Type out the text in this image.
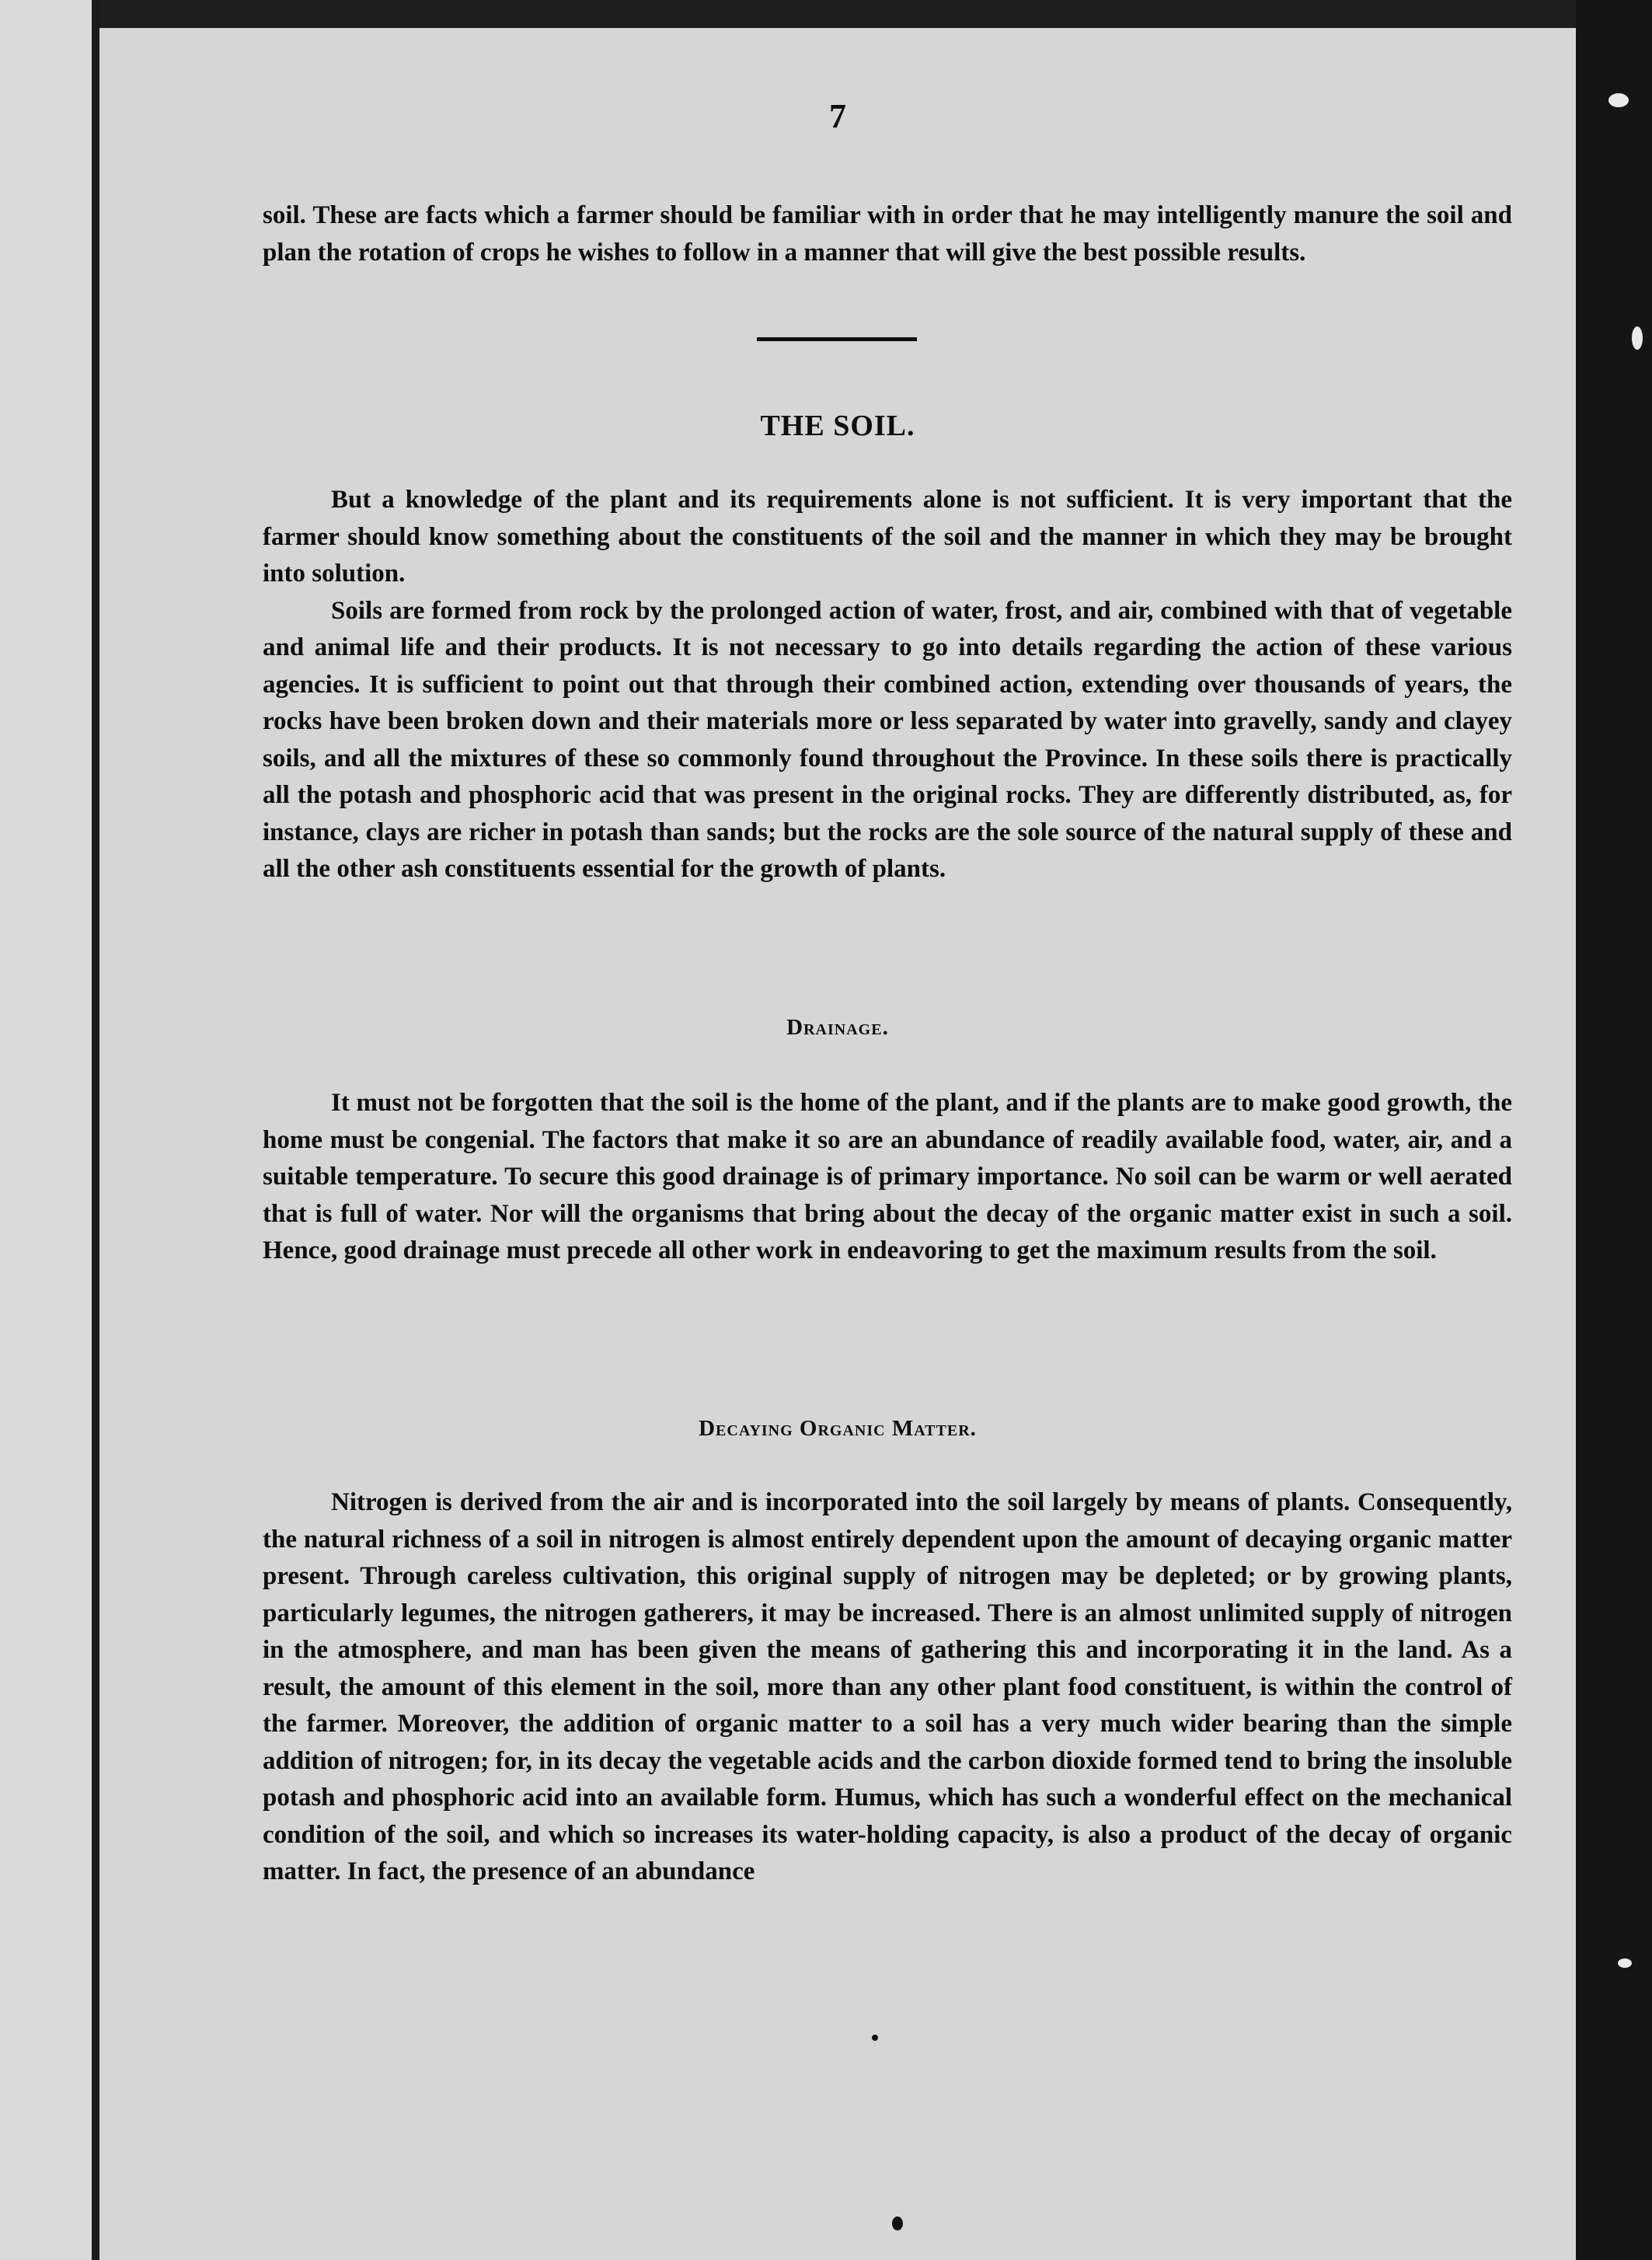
7

soil. These are facts which a farmer should be familiar with in order that he may intelligently manure the soil and plan the rotation of crops he wishes to follow in a manner that will give the best possible results.

THE SOIL.

But a knowledge of the plant and its requirements alone is not sufficient. It is very important that the farmer should know something about the constituents of the soil and the manner in which they may be brought into solution.

Soils are formed from rock by the prolonged action of water, frost, and air, combined with that of vegetable and animal life and their products. It is not necessary to go into details regarding the action of these various agencies. It is sufficient to point out that through their combined action, extending over thousands of years, the rocks have been broken down and their materials more or less separated by water into gravelly, sandy and clayey soils, and all the mixtures of these so commonly found throughout the Province. In these soils there is practically all the potash and phosphoric acid that was present in the original rocks. They are differently distributed, as, for instance, clays are richer in potash than sands; but the rocks are the sole source of the natural supply of these and all the other ash constituents essential for the growth of plants.

Drainage.

It must not be forgotten that the soil is the home of the plant, and if the plants are to make good growth, the home must be congenial. The factors that make it so are an abundance of readily available food, water, air, and a suitable temperature. To secure this good drainage is of primary importance. No soil can be warm or well aerated that is full of water. Nor will the organisms that bring about the decay of the organic matter exist in such a soil. Hence, good drainage must precede all other work in endeavoring to get the maximum results from the soil.

Decaying Organic Matter.

Nitrogen is derived from the air and is incorporated into the soil largely by means of plants. Consequently, the natural richness of a soil in nitrogen is almost entirely dependent upon the amount of decaying organic matter present. Through careless cultivation, this original supply of nitrogen may be depleted; or by growing plants, particularly legumes, the nitrogen gatherers, it may be increased. There is an almost unlimited supply of nitrogen in the atmosphere, and man has been given the means of gathering this and incorporating it in the land. As a result, the amount of this element in the soil, more than any other plant food constituent, is within the control of the farmer. Moreover, the addition of organic matter to a soil has a very much wider bearing than the simple addition of nitrogen; for, in its decay the vegetable acids and the carbon dioxide formed tend to bring the insoluble potash and phosphoric acid into an available form. Humus, which has such a wonderful effect on the mechanical condition of the soil, and which so increases its water-holding capacity, is also a product of the decay of organic matter. In fact, the presence of an abundance
